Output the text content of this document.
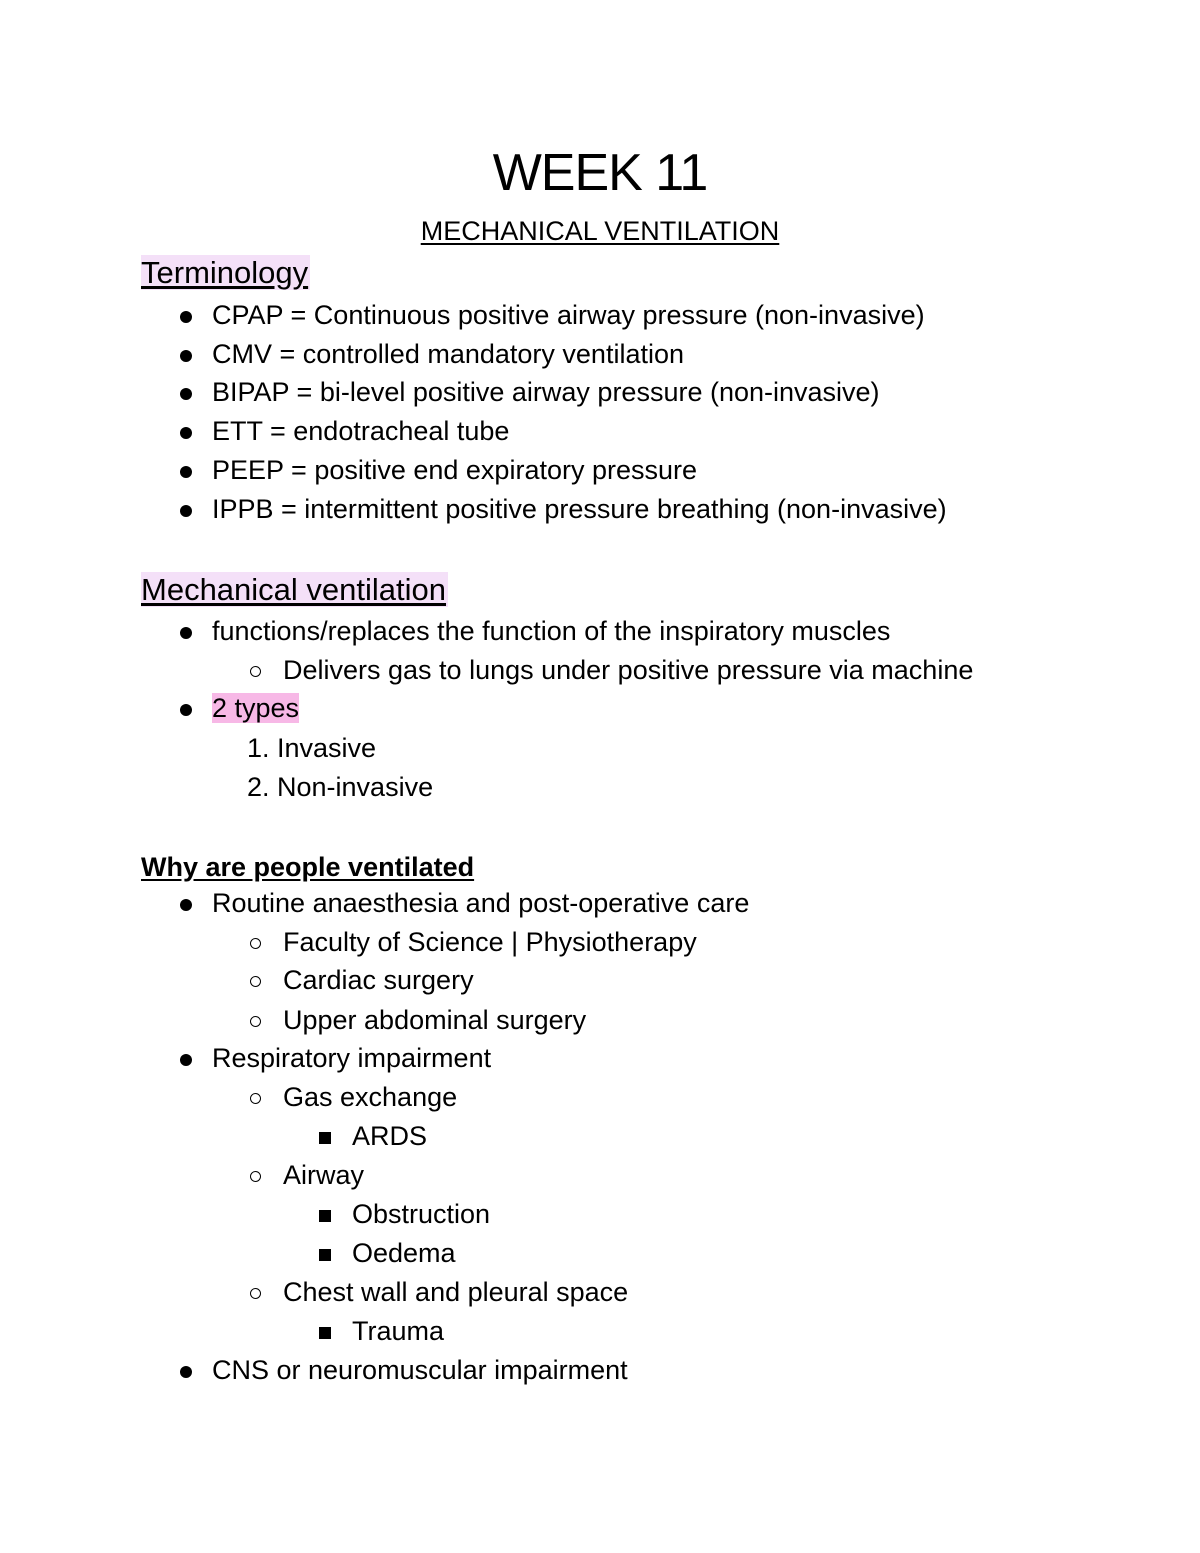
WEEK 11
MECHANICAL VENTILATION
Terminology
CPAP = Continuous positive airway pressure (non-invasive)
CMV = controlled mandatory ventilation
BIPAP = bi-level positive airway pressure (non-invasive)
ETT = endotracheal tube
PEEP = positive end expiratory pressure
IPPB = intermittent positive pressure breathing (non-invasive)
Mechanical ventilation
functions/replaces the function of the inspiratory muscles
Delivers gas to lungs under positive pressure via machine
2 types
1. Invasive
2. Non-invasive
Why are people ventilated
Routine anaesthesia and post-operative care
Faculty of Science | Physiotherapy
Cardiac surgery
Upper abdominal surgery
Respiratory impairment
Gas exchange
ARDS
Airway
Obstruction
Oedema
Chest wall and pleural space
Trauma
CNS or neuromuscular impairment
